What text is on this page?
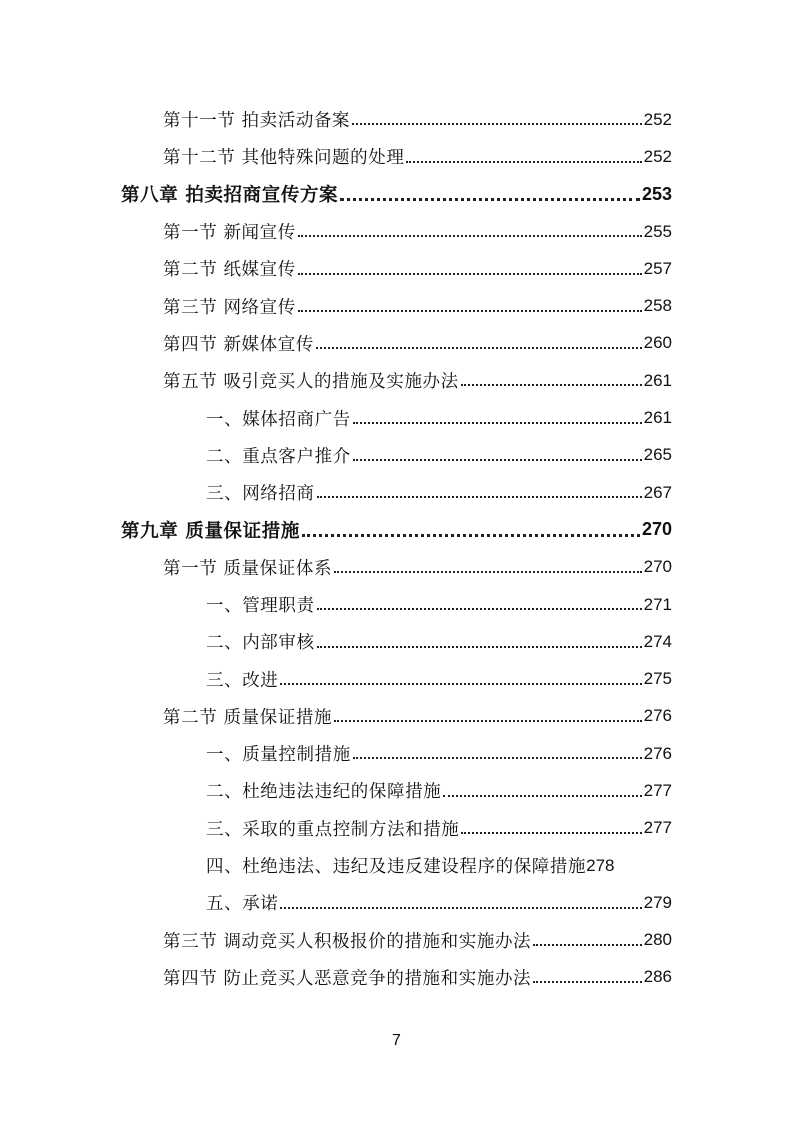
第十一节 拍卖活动备案	252
第十二节 其他特殊问题的处理	252
第八章 拍卖招商宣传方案	253
第一节 新闻宣传	255
第二节 纸媒宣传	257
第三节 网络宣传	258
第四节 新媒体宣传	260
第五节 吸引竞买人的措施及实施办法	261
一、媒体招商广告	261
二、重点客户推介	265
三、网络招商	267
第九章 质量保证措施	270
第一节 质量保证体系	270
一、管理职责	271
二、内部审核	274
三、改进	275
第二节 质量保证措施	276
一、质量控制措施	276
二、杜绝违法违纪的保障措施	277
三、采取的重点控制方法和措施	277
四、杜绝违法、违纪及违反建设程序的保障措施 278
五、承诺	279
第三节 调动竞买人积极报价的措施和实施办法	280
第四节 防止竞买人恶意竞争的措施和实施办法	286
7
